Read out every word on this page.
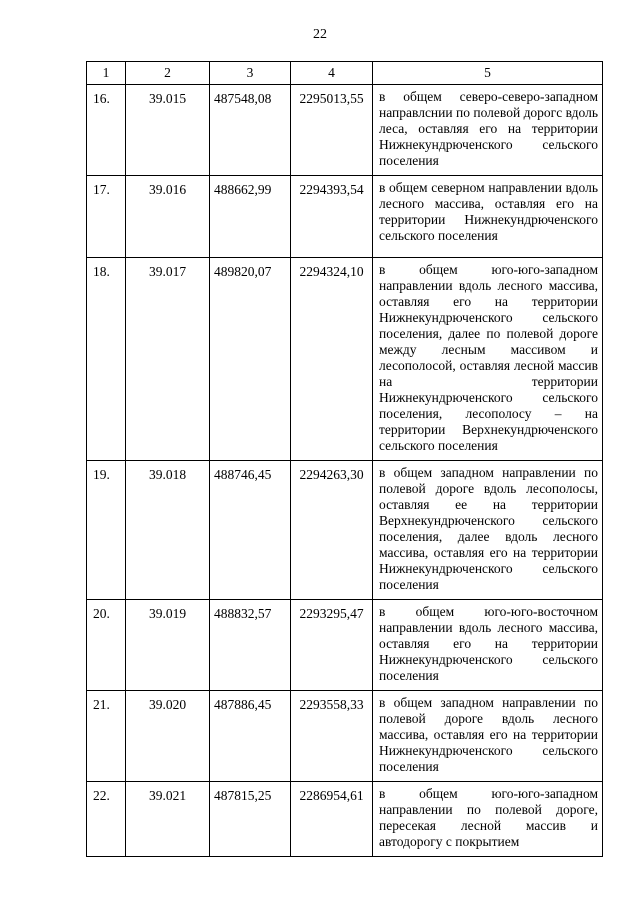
22
1	2	3	4	5
16.	39.015	487548,08	2295013,55	в общем северо-северо-западном направлснии по полевой дорогс вдоль леса, оставляя его на территории Нижнекундрюченского сельского поселения
17.	39.016	488662,99	2294393,54	в общем северном направлении вдоль лесного массива, оставляя его на территории Нижнекундрюченского сельского поселения
18.	39.017	489820,07	2294324,10	в общем юго-юго-западном направлении вдоль лесного массива, оставляя его на территории Нижнекундрюченского сельского поселения, далее по полевой дороге между лесным массивом и лесополосой, оставляя лесной массив на территории Нижнекундрюченского сельского поселения, лесополосу – на территории Верхнекундрюченского сельского поселения
19.	39.018	488746,45	2294263,30	в общем западном направлении по полевой дороге вдоль лесополосы, оставляя ее на территории Верхнекундрюченского сельского поселения, далее вдоль лесного массива, оставляя его на территории Нижнекундрюченского сельского поселения
20.	39.019	488832,57	2293295,47	в общем юго-юго-восточном направлении вдоль лесного массива, оставляя его на территории Нижнекундрюченского сельского поселения
21.	39.020	487886,45	2293558,33	в общем западном направлении по полевой дороге вдоль лесного массива, оставляя его на территории Нижнекундрюченского сельского поселения
22.	39.021	487815,25	2286954,61	в общем юго-юго-западном направлении по полевой дороге, пересекая лесной массив и автодорогу с покрытием
